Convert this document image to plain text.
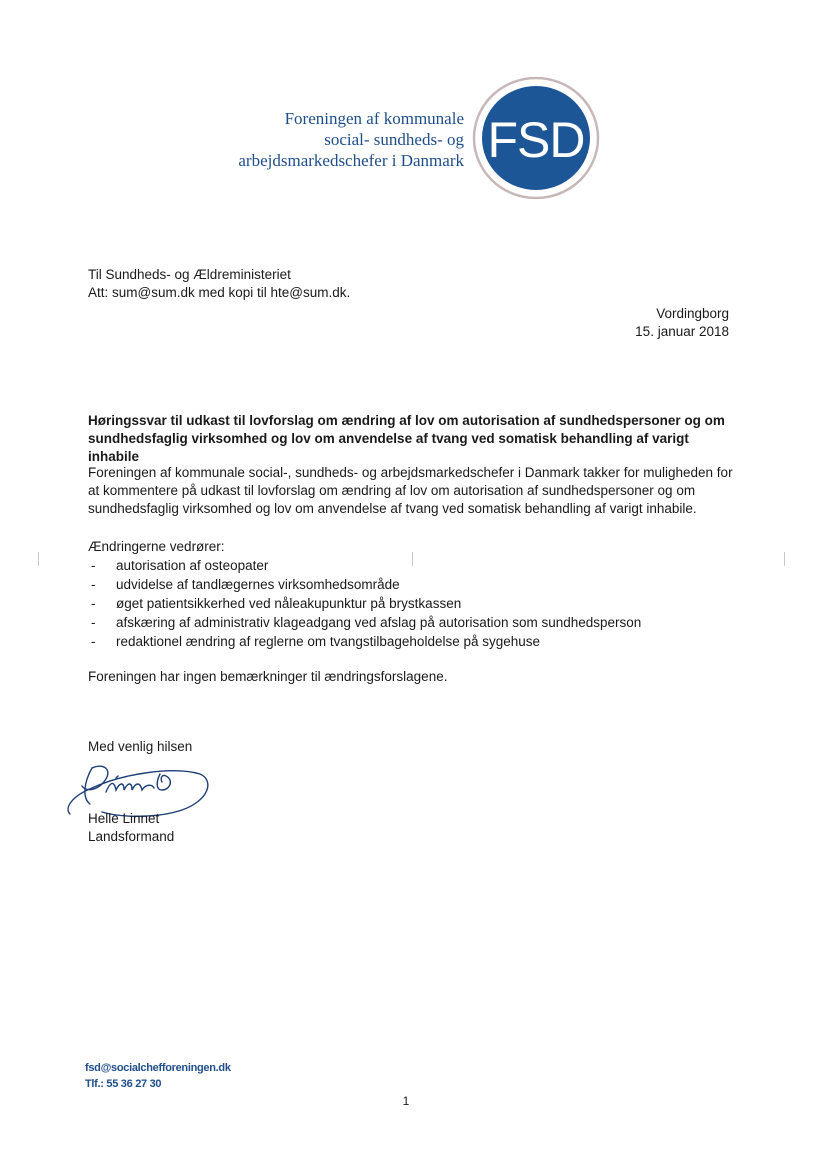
Foreningen af kommunale
social- sundheds- og
arbejdsmarkedschefer i Danmark FSD
Til Sundheds- og Ældreministeriet
Att: sum@sum.dk med kopi til hte@sum.dk.
Vordingborg
15. januar 2018
Høringssvar til udkast til lovforslag om ændring af lov om autorisation af sundhedspersoner og om sundhedsfaglig virksomhed og lov om anvendelse af tvang ved somatisk behandling af varigt inhabile
Foreningen af kommunale social-, sundheds- og arbejdsmarkedschefer i Danmark takker for muligheden for at kommentere på udkast til lovforslag om ændring af lov om autorisation af sundhedspersoner og om sundhedsfaglig virksomhed og lov om anvendelse af tvang ved somatisk behandling af varigt inhabile.
Ændringerne vedrører:
- autorisation af osteopater
- udvidelse af tandlægernes virksomhedsområde
- øget patientsikkerhed ved nåleakupunktur på brystkassen
- afskæring af administrativ klageadgang ved afslag på autorisation som sundhedsperson
- redaktionel ændring af reglerne om tvangstilbageholdelse på sygehuse
Foreningen har ingen bemærkninger til ændringsforslagene.
Med venlig hilsen
Helle Linnet
Landsformand
fsd@socialchefforeningen.dk
Tlf.: 55 36 27 30
1
